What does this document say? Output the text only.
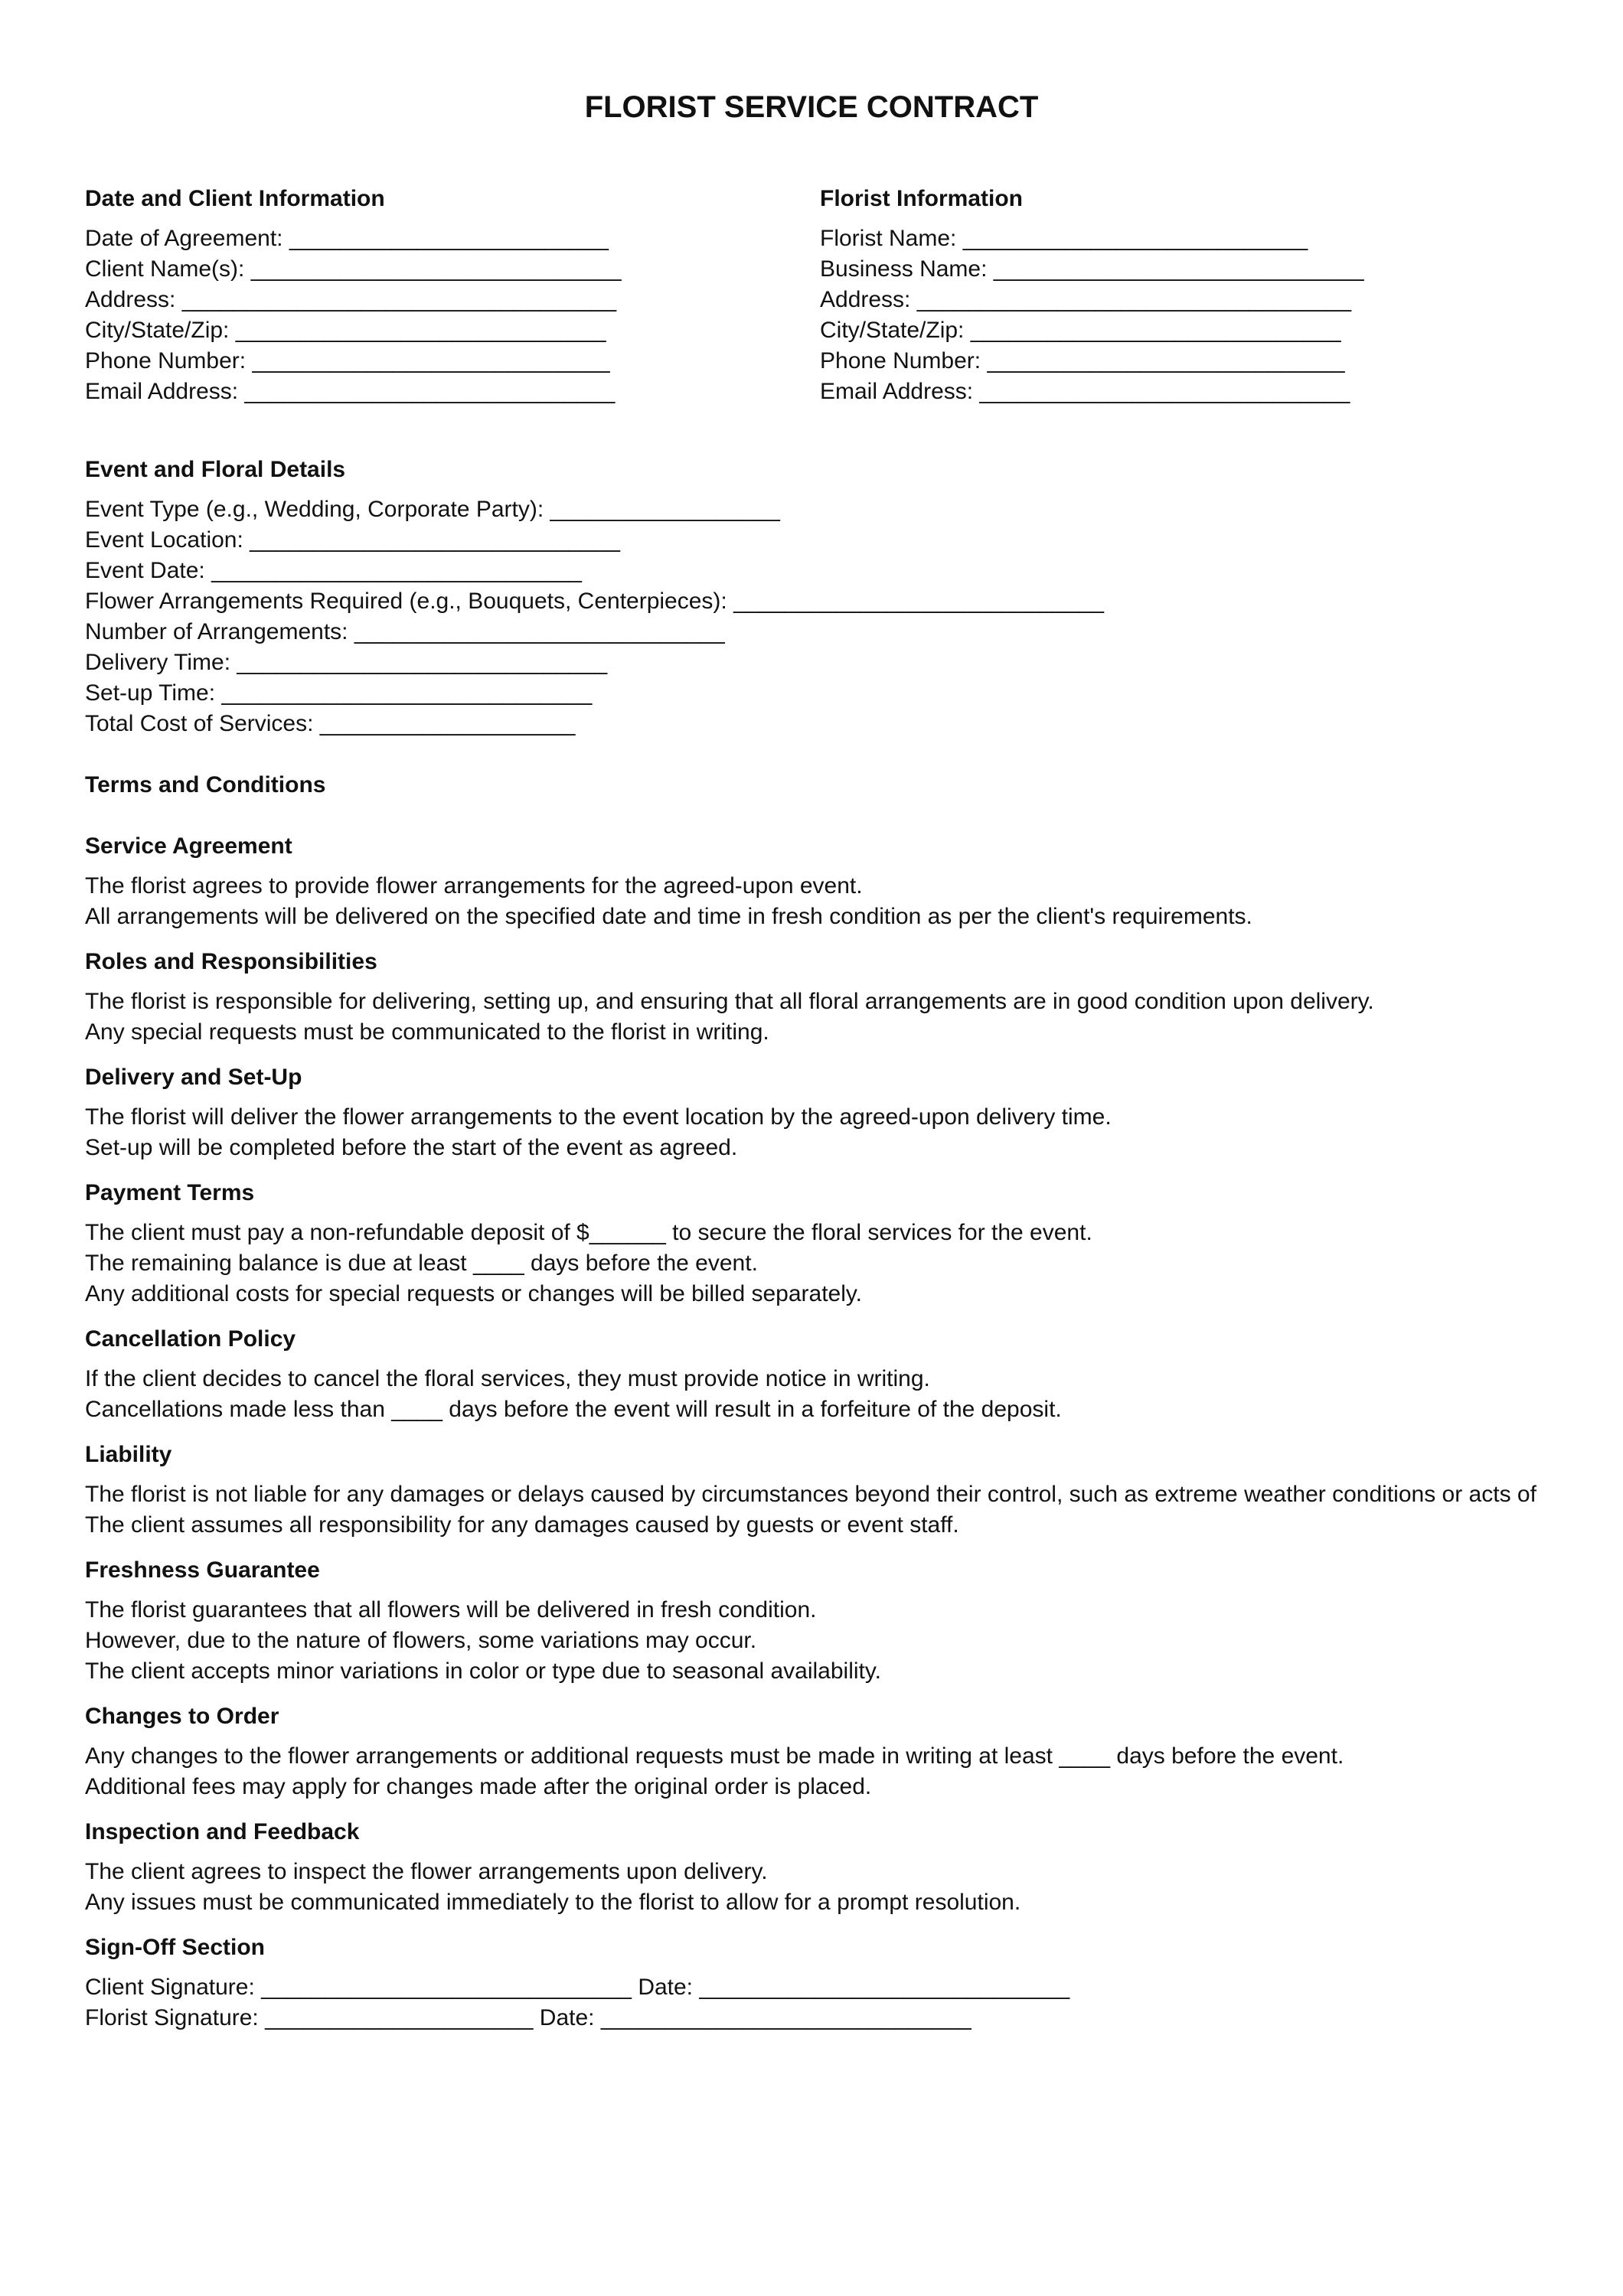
FLORIST SERVICE CONTRACT
Date and Client Information
Date of Agreement: _________________________
Client Name(s): _____________________________
Address: __________________________________
City/State/Zip: _____________________________
Phone Number: ____________________________
Email Address: _____________________________
Florist Information
Florist Name: ___________________________
Business Name: _____________________________
Address: __________________________________
City/State/Zip: _____________________________
Phone Number: ____________________________
Email Address: _____________________________
Event and Floral Details
Event Type (e.g., Wedding, Corporate Party): __________________
Event Location: _____________________________
Event Date: _____________________________
Flower Arrangements Required (e.g., Bouquets, Centerpieces): _____________________________
Number of Arrangements: _____________________________
Delivery Time: _____________________________
Set-up Time: _____________________________
Total Cost of Services: ____________________
Terms and Conditions
Service Agreement
The florist agrees to provide flower arrangements for the agreed-upon event.
All arrangements will be delivered on the specified date and time in fresh condition as per the client's requirements.
Roles and Responsibilities
The florist is responsible for delivering, setting up, and ensuring that all floral arrangements are in good condition upon delivery.
Any special requests must be communicated to the florist in writing.
Delivery and Set-Up
The florist will deliver the flower arrangements to the event location by the agreed-upon delivery time.
Set-up will be completed before the start of the event as agreed.
Payment Terms
The client must pay a non-refundable deposit of $______ to secure the floral services for the event.
The remaining balance is due at least ____ days before the event.
Any additional costs for special requests or changes will be billed separately.
Cancellation Policy
If the client decides to cancel the floral services, they must provide notice in writing.
Cancellations made less than ____ days before the event will result in a forfeiture of the deposit.
Liability
The florist is not liable for any damages or delays caused by circumstances beyond their control, such as extreme weather conditions or acts of
The client assumes all responsibility for any damages caused by guests or event staff.
Freshness Guarantee
The florist guarantees that all flowers will be delivered in fresh condition.
However, due to the nature of flowers, some variations may occur.
The client accepts minor variations in color or type due to seasonal availability.
Changes to Order
Any changes to the flower arrangements or additional requests must be made in writing at least ____ days before the event.
Additional fees may apply for changes made after the original order is placed.
Inspection and Feedback
The client agrees to inspect the flower arrangements upon delivery.
Any issues must be communicated immediately to the florist to allow for a prompt resolution.
Sign-Off Section
Client Signature: _____________________________ Date: _____________________________
Florist Signature: _____________________ Date: _____________________________
